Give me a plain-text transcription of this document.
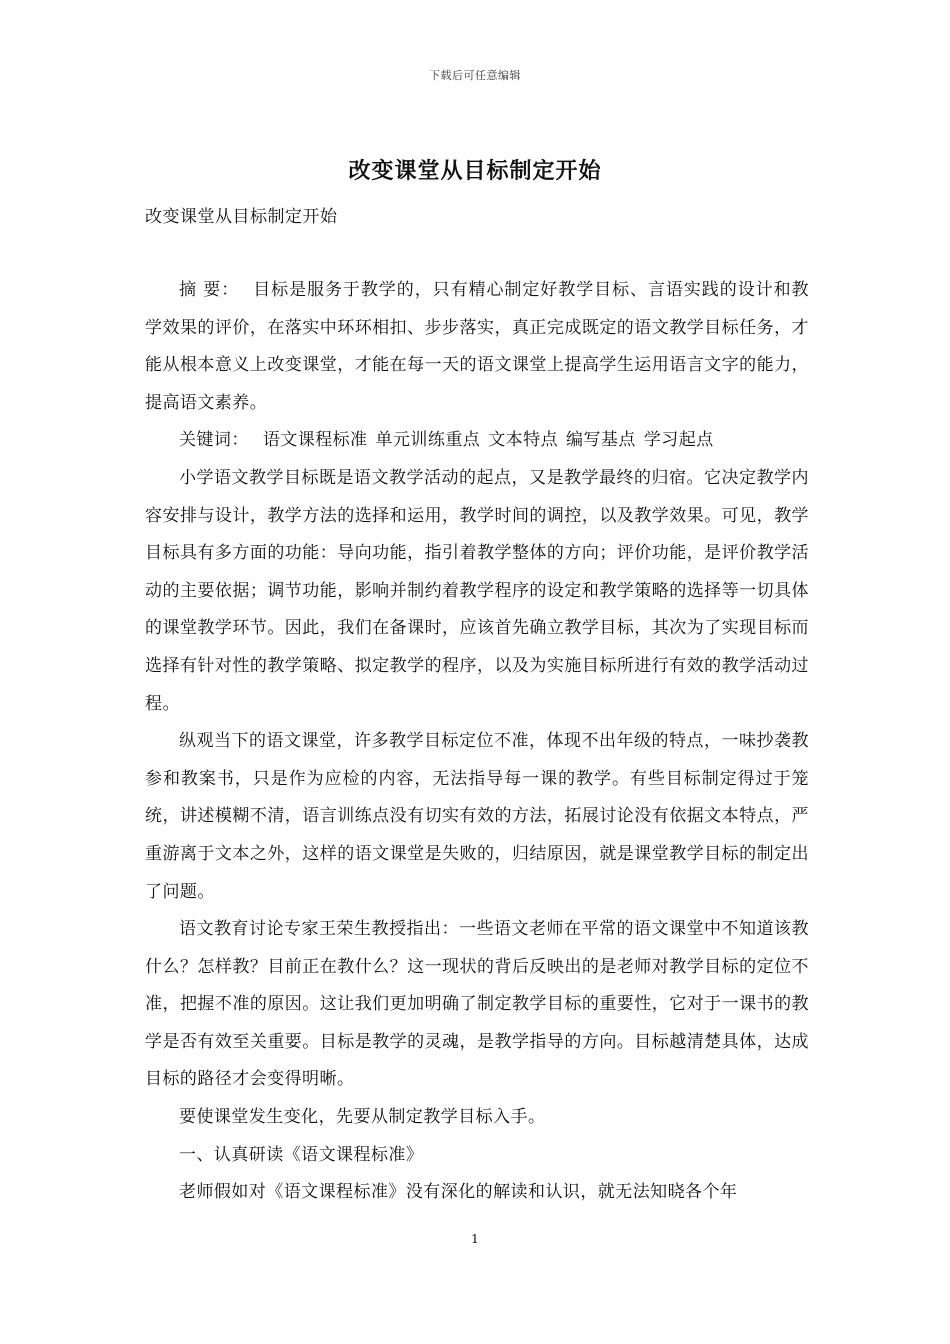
下载后可任意编辑
改变课堂从目标制定开始
改变课堂从目标制定开始

摘 要： 目标是服务于教学的，只有精心制定好教学目标、言语实践的设计和教学效果的评价，在落实中环环相扣、步步落实，真正完成既定的语文教学目标任务，才能从根本意义上改变课堂，才能在每一天的语文课堂上提高学生运用语言文字的能力，提高语文素养。

关键词： 语文课程标准 单元训练重点 文本特点 编写基点 学习起点

小学语文教学目标既是语文教学活动的起点，又是教学最终的归宿。它决定教学内容安排与设计，教学方法的选择和运用，教学时间的调控，以及教学效果。可见，教学目标具有多方面的功能：导向功能，指引着教学整体的方向；评价功能，是评价教学活动的主要依据；调节功能，影响并制约着教学程序的设定和教学策略的选择等一切具体的课堂教学环节。因此，我们在备课时，应该首先确立教学目标，其次为了实现目标而选择有针对性的教学策略、拟定教学的程序，以及为实施目标所进行有效的教学活动过程。

纵观当下的语文课堂，许多教学目标定位不准，体现不出年级的特点，一味抄袭教参和教案书，只是作为应检的内容，无法指导每一课的教学。有些目标制定得过于笼统，讲述模糊不清，语言训练点没有切实有效的方法，拓展讨论没有依据文本特点，严重游离于文本之外，这样的语文课堂是失败的，归结原因，就是课堂教学目标的制定出了问题。

语文教育讨论专家王荣生教授指出：一些语文老师在平常的语文课堂中不知道该教什么？怎样教？目前正在教什么？这一现状的背后反映出的是老师对教学目标的定位不准，把握不准的原因。这让我们更加明确了制定教学目标的重要性，它对于一课书的教学是否有效至关重要。目标是教学的灵魂，是教学指导的方向。目标越清楚具体，达成目标的路径才会变得明晰。

要使课堂发生变化，先要从制定教学目标入手。

一、认真研读《语文课程标准》

老师假如对《语文课程标准》没有深化的解读和认识，就无法知晓各个年

1
